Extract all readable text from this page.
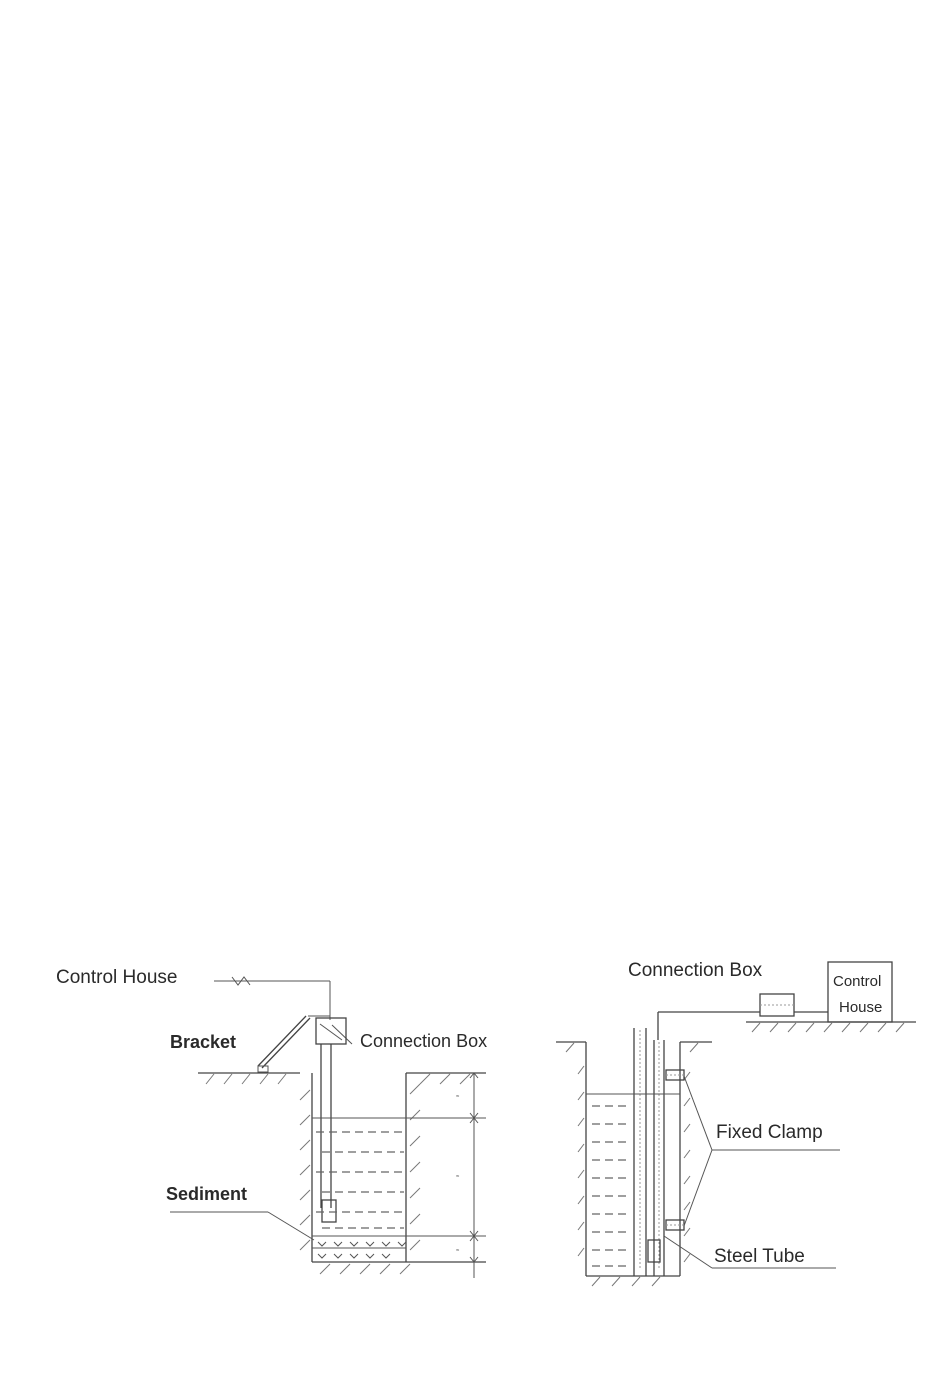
Control House
Bracket	Connection Box
Sediment
≈
≈
≈
Connection Box
Control
House
Fixed Clamp
Steel Tube
